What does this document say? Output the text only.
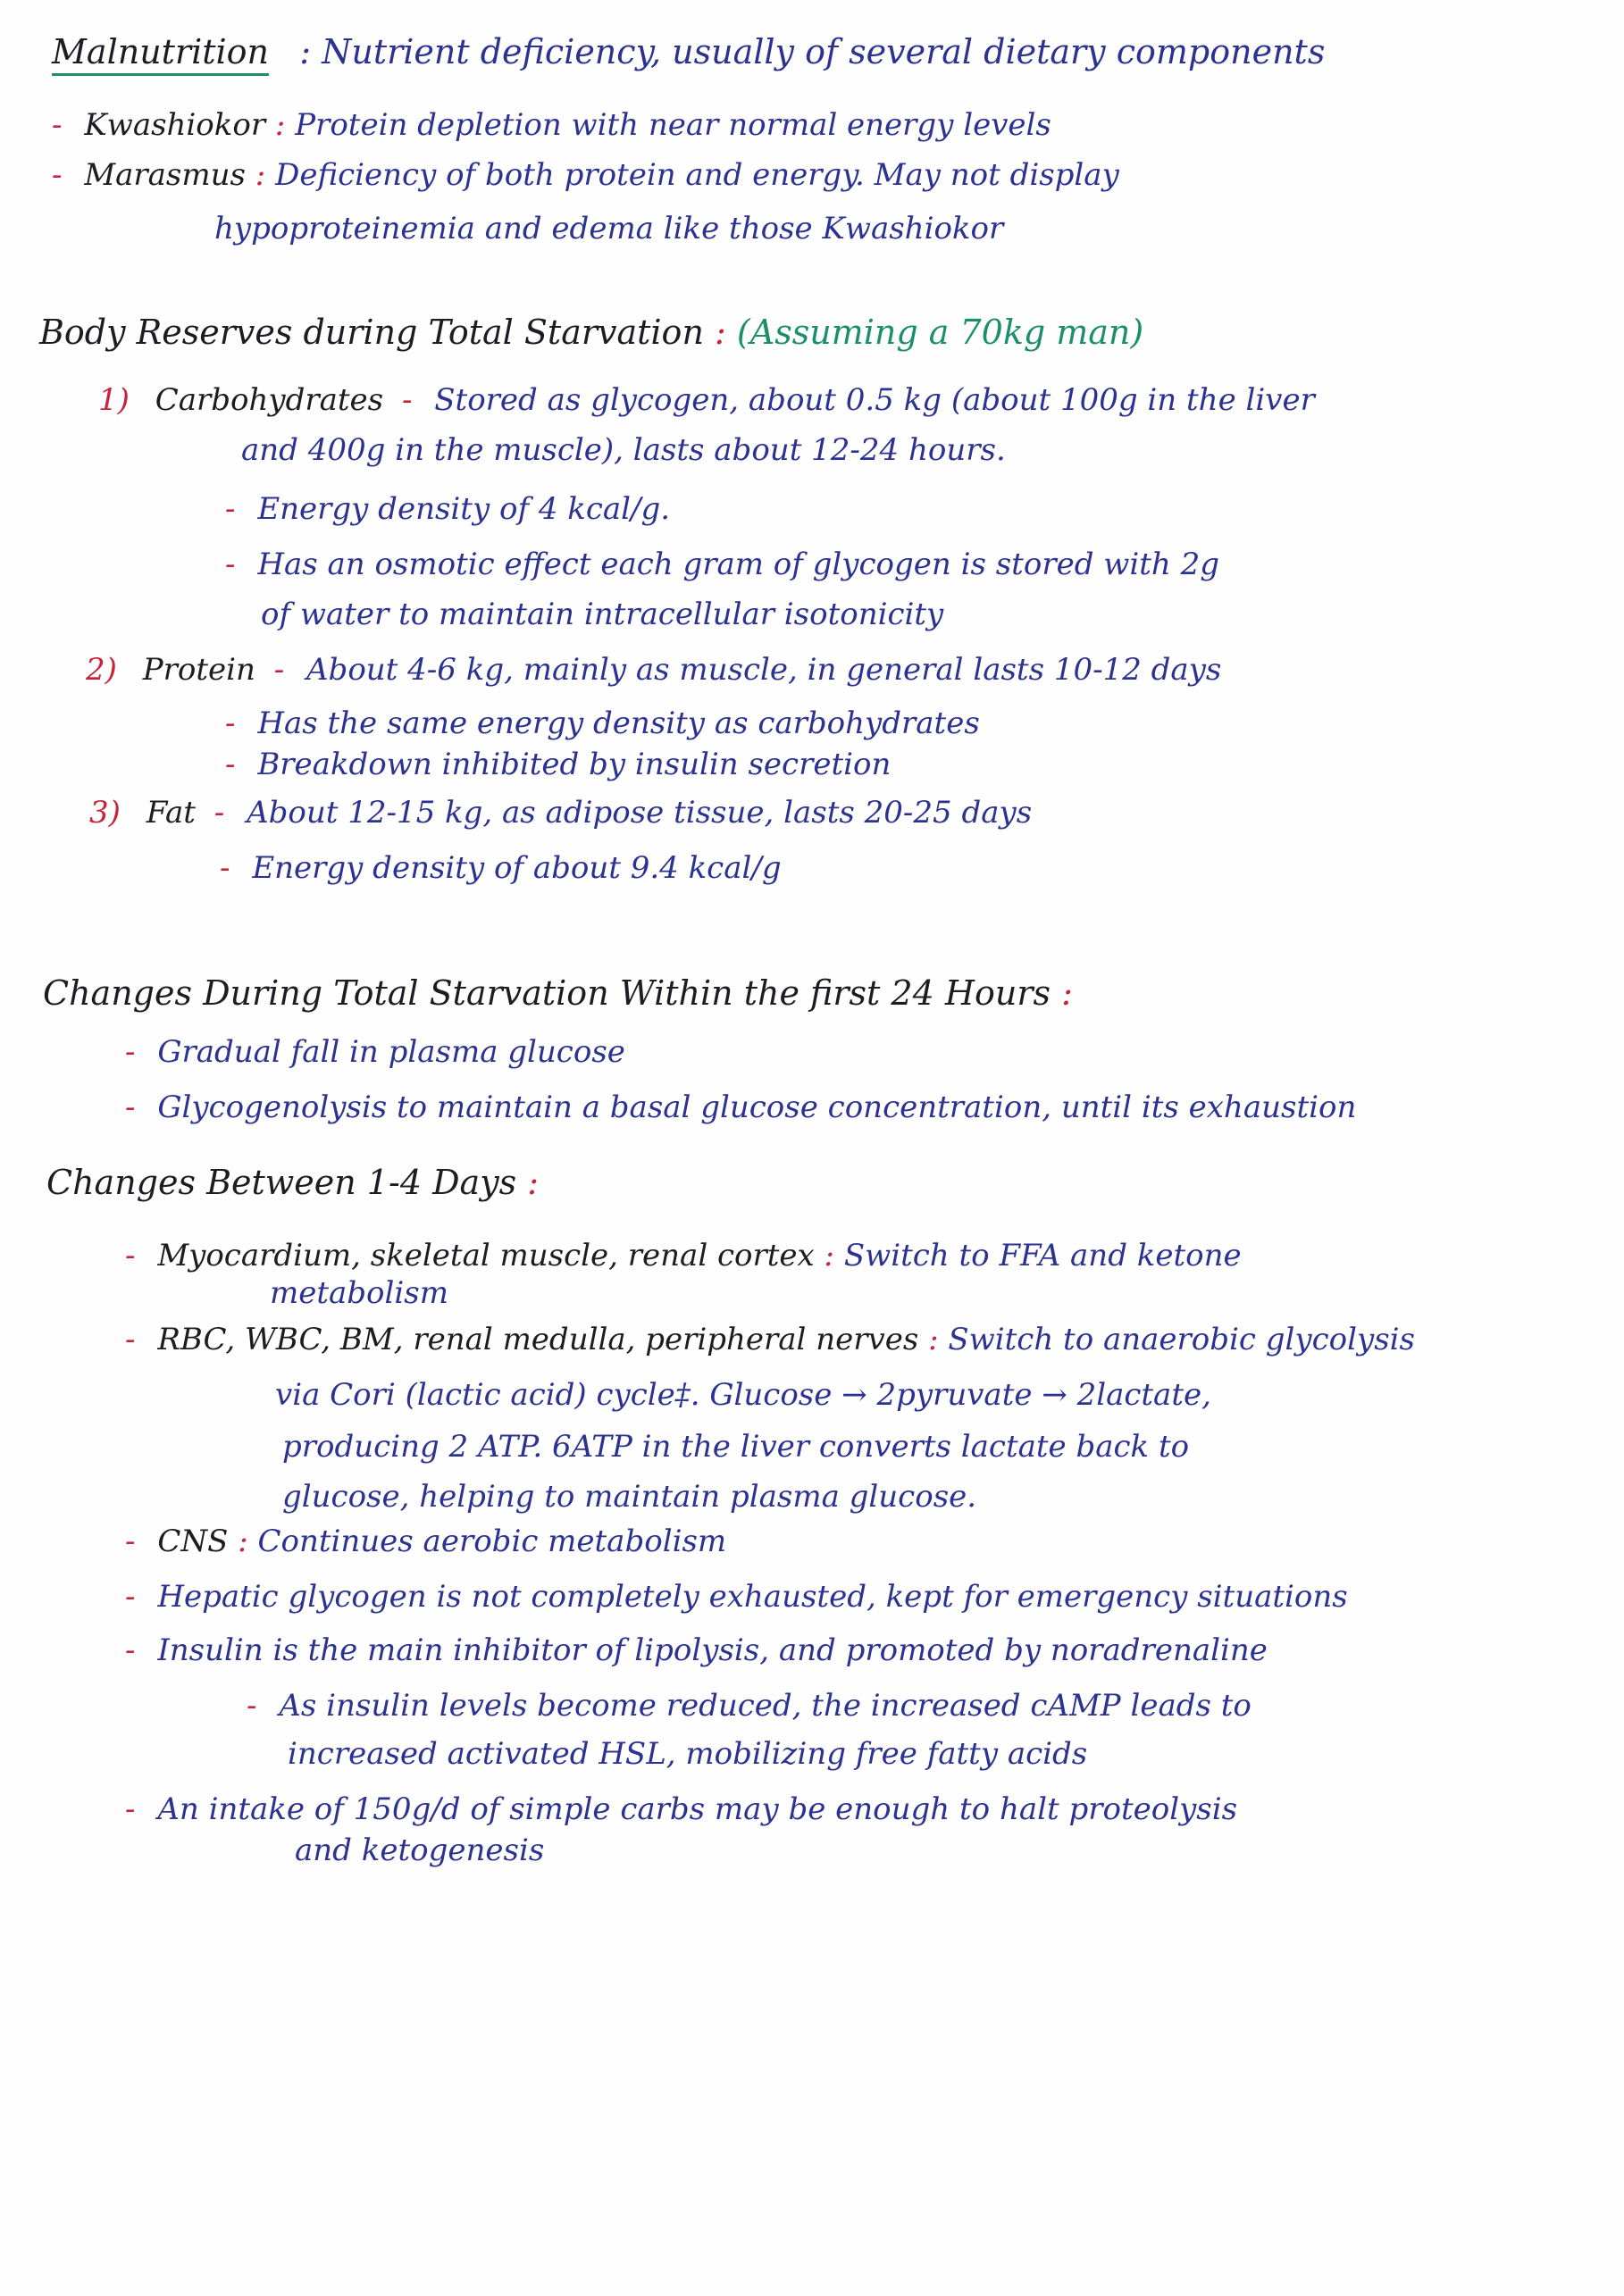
Malnutrition : Nutrient deficiency, usually of several dietary components
- Kwashiokor : Protein depletion with near normal energy levels
- Marasmus : Deficiency of both protein and energy. May not display
hypoproteinemia and edema like those Kwashiokor
Body Reserves during Total Starvation : (Assuming a 70kg man)
1) Carbohydrates - Stored as glycogen, about 0.5 kg (about 100g in the liver
and 400g in the muscle), lasts about 12-24 hours.
- Energy density of 4 kcal/g.
- Has an osmotic effect each gram of glycogen is stored with 2g
of water to maintain intracellular isotonicity
2) Protein - About 4-6 kg, mainly as muscle, in general lasts 10-12 days
- Has the same energy density as carbohydrates
- Breakdown inhibited by insulin secretion
3) Fat - About 12-15 kg, as adipose tissue, lasts 20-25 days
- Energy density of about 9.4 kcal/g
Changes During Total Starvation Within the first 24 Hours :
- Gradual fall in plasma glucose
- Glycogenolysis to maintain a basal glucose concentration, until its exhaustion
Changes Between 1-4 Days :
- Myocardium, skeletal muscle, renal cortex : Switch to FFA and ketone
metabolism
- RBC, WBC, BM, renal medulla, peripheral nerves : Switch to anaerobic glycolysis
via Cori (lactic acid) cycle‡. Glucose → 2pyruvate → 2lactate,
producing 2 ATP. 6ATP in the liver converts lactate back to
glucose, helping to maintain plasma glucose.
- CNS : Continues aerobic metabolism
- Hepatic glycogen is not completely exhausted, kept for emergency situations
- Insulin is the main inhibitor of lipolysis, and promoted by noradrenaline
- As insulin levels become reduced, the increased cAMP leads to
increased activated HSL, mobilizing free fatty acids
- An intake of 150g/d of simple carbs may be enough to halt proteolysis
and ketogenesis
